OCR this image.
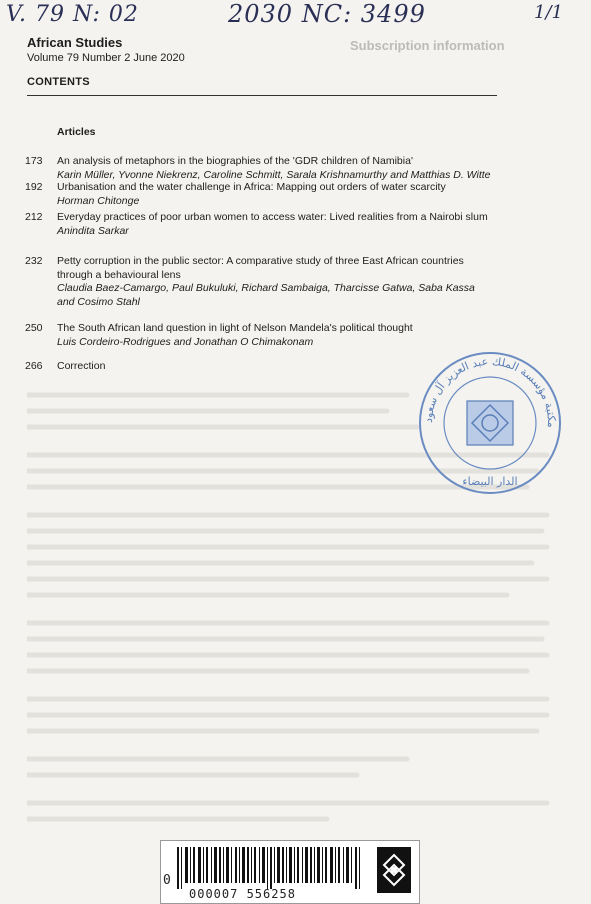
V. 79 N: 02	2030 NC: 3499	1/1
Subscription information
African Studies
Volume 79 Number 2 June 2020
CONTENTS
Articles
173	An analysis of metaphors in the biographies of the 'GDR children of Namibia'
Karin Müller, Yvonne Niekrenz, Caroline Schmitt, Sarala Krishnamurthy and Matthias D. Witte
192	Urbanisation and the water challenge in Africa: Mapping out orders of water scarcity
Horman Chitonge
212	Everyday practices of poor urban women to access water: Lived realities from a Nairobi slum
Anindita Sarkar
232	Petty corruption in the public sector: A comparative study of three East African countries through a behavioural lens
Claudia Baez-Camargo, Paul Bukuluki, Richard Sambaiga, Tharcisse Gatwa, Saba Kassa and Cosimo Stahl
250	The South African land question in light of Nelson Mandela's political thought
Luis Cordeiro-Rodrigues and Jonathan O Chimakonam
266	Correction
مكتبة مؤسسة الملك عبد العزيز آل سعود
الدار البيضاء
0
000007 556258
